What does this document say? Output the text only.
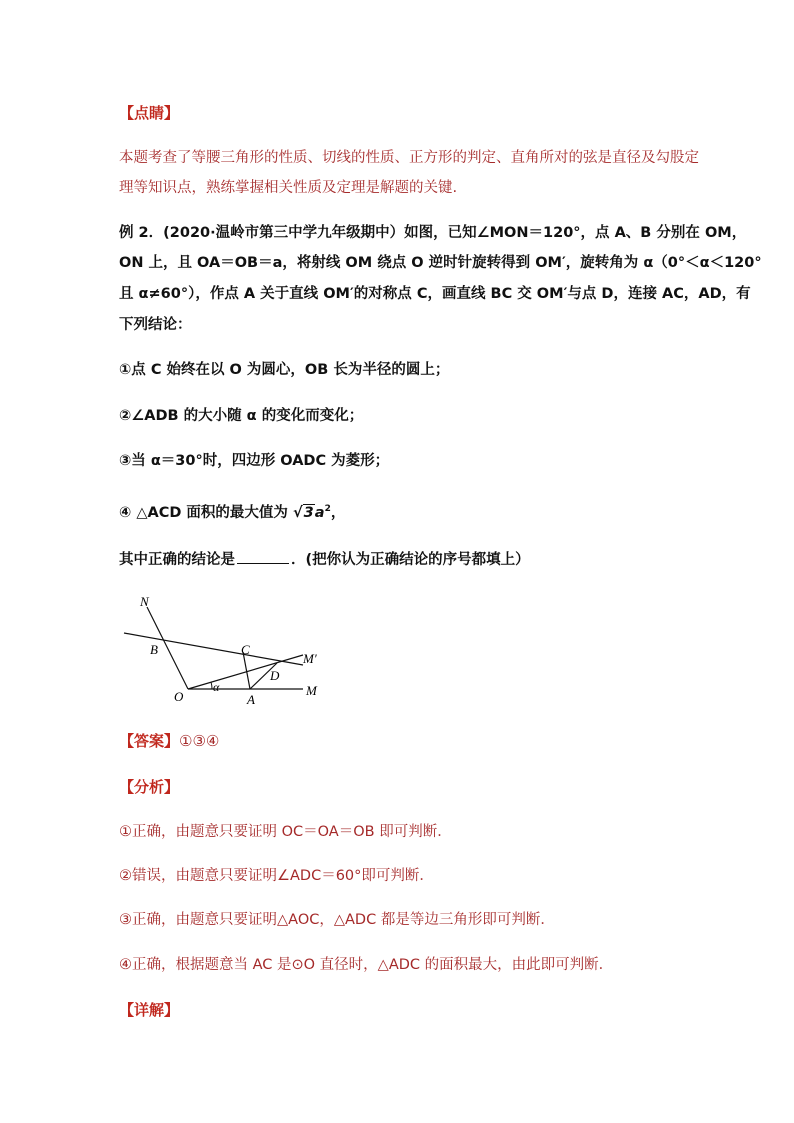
【点睛】
本题考查了等腰三角形的性质、切线的性质、正方形的判定、直角所对的弦是直径及勾股定
理等知识点，熟练掌握相关性质及定理是解题的关键.
例 2．(2020·温岭市第三中学九年级期中）如图，已知∠MON＝120°，点 A、B 分别在 OM，
ON 上，且 OA＝OB＝a，将射线 OM 绕点 O 逆时针旋转得到 OM′，旋转角为 α（0°＜α＜120°
且 α≠60°），作点 A 关于直线 OM′的对称点 C，画直线 BC 交 OM′与点 D，连接 AC，AD，有
下列结论：
①点 C 始终在以 O 为圆心，OB 长为半径的圆上；
②∠ADB 的大小随 α 的变化而变化；
③当 α＝30°时，四边形 OADC 为菱形；
④ △ACD 面积的最大值为 $√3a^2$，
其中正确的结论是	．(把你认为正确结论的序号都填上）
N
B	C
M′
D
O
α
A
M
【答案】①③④
【分析】
①正确，由题意只要证明 OC＝OA＝OB 即可判断．
②错误，由题意只要证明∠ADC＝60°即可判断．
③正确，由题意只要证明△AOC，△ADC 都是等边三角形即可判断．
④正确，根据题意当 AC 是⊙O 直径时，△ADC 的面积最大，由此即可判断．
【详解】
